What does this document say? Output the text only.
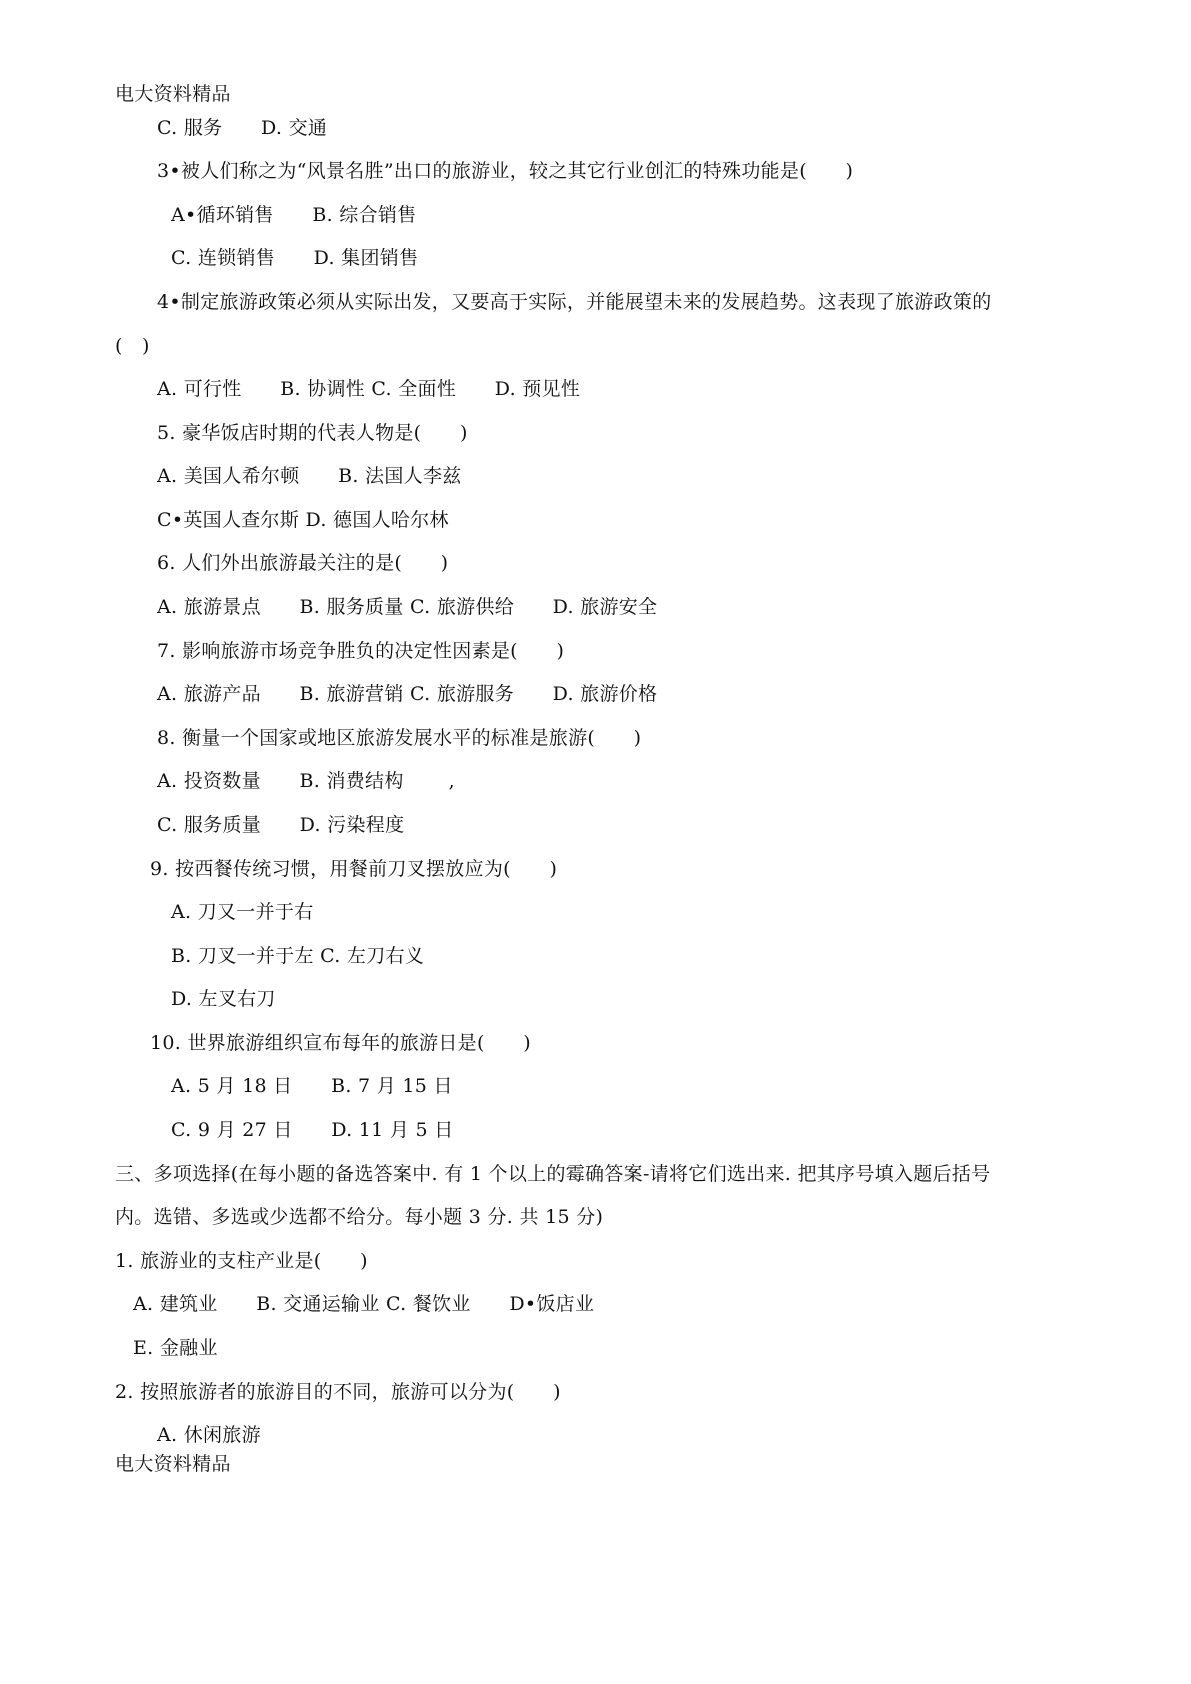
电大资料精品
C. 服务　　D. 交通
3•被人们称之为“风景名胜”出口的旅游业，较之其它行业创汇的特殊功能是(　　)
A•循环销售　　B. 综合销售
C. 连锁销售　　D. 集团销售
4•制定旅游政策必须从实际出发，又要高于实际，并能展望未来的发展趋势。这表现了旅游政策的
(　)
A. 可行性　　B. 协调性 C. 全面性　　D. 预见性
5. 豪华饭店时期的代表人物是(　　)
A. 美国人希尔顿　　B. 法国人李兹
C•英国人查尔斯 D. 德国人哈尔林
6. 人们外出旅游最关注的是(　　)
A. 旅游景点　　B. 服务质量 C. 旅游供给　　D. 旅游安全
7. 影响旅游市场竞争胜负的决定性因素是(　　)
A. 旅游产品　　B. 旅游营销 C. 旅游服务　　D. 旅游价格
8. 衡量一个国家或地区旅游发展水平的标准是旅游(　　)
A. 投资数量　　B. 消费结构　　 ,
C. 服务质量　　D. 污染程度
9. 按西餐传统习惯，用餐前刀叉摆放应为(　　)
A. 刀又一并于右
B. 刀叉一并于左 C. 左刀右义
D. 左叉右刀
10. 世界旅游组织宣布每年的旅游日是(　　)
A. 5 月 18 日　　B. 7 月 15 日
C. 9 月 27 日　　D. 11 月 5 日
三、多项选择(在每小题的备选答案中. 有 1 个以上的霉确答案-请将它们选出来. 把其序号填入题后括号
内。选错、多选或少选都不给分。每小题 3 分. 共 15 分)
1. 旅游业的支柱产业是(　　)
A. 建筑业　　B. 交通运输业 C. 餐饮业　　D•饭店业
E. 金融业
2. 按照旅游者的旅游目的不同，旅游可以分为(　　)
A. 休闲旅游
电大资料精品
